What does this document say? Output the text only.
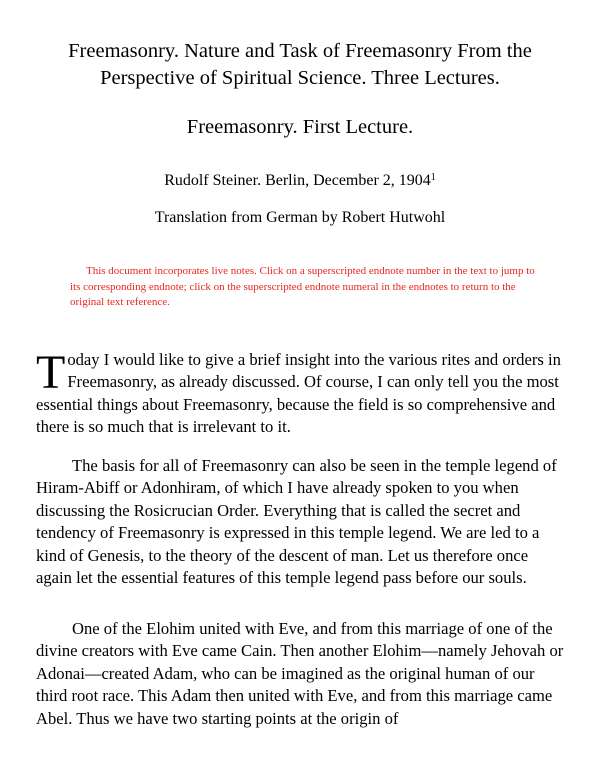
Freemasonry. Nature and Task of Freemasonry From the Perspective of Spiritual Science. Three Lectures.
Freemasonry. First Lecture.
Rudolf Steiner. Berlin, December 2, 1904$^1$
Translation from German by Robert Hutwohl
This document incorporates live notes. Click on a superscripted endnote number in the text to jump to its corresponding endnote; click on the superscripted endnote numeral in the endnotes to return to the original text reference.

Today I would like to give a brief insight into the various rites and orders in Freemasonry, as already discussed. Of course, I can only tell you the most essential things about Freemasonry, because the field is so comprehensive and there is so much that is irrelevant to it.

The basis for all of Freemasonry can also be seen in the temple legend of Hiram-Abiff or Adonhiram, of which I have already spoken to you when discussing the Rosicrucian Order. Everything that is called the secret and tendency of Freemasonry is expressed in this temple legend. We are led to a kind of Genesis, to the theory of the descent of man. Let us therefore once again let the essential features of this temple legend pass before our souls.

One of the Elohim united with Eve, and from this marriage of one of the divine creators with Eve came Cain. Then another Elohim—namely Jehovah or Adonai—created Adam, who can be imagined as the original human of our third root race. This Adam then united with Eve, and from this marriage came Abel. Thus we have two starting points at the origin of
